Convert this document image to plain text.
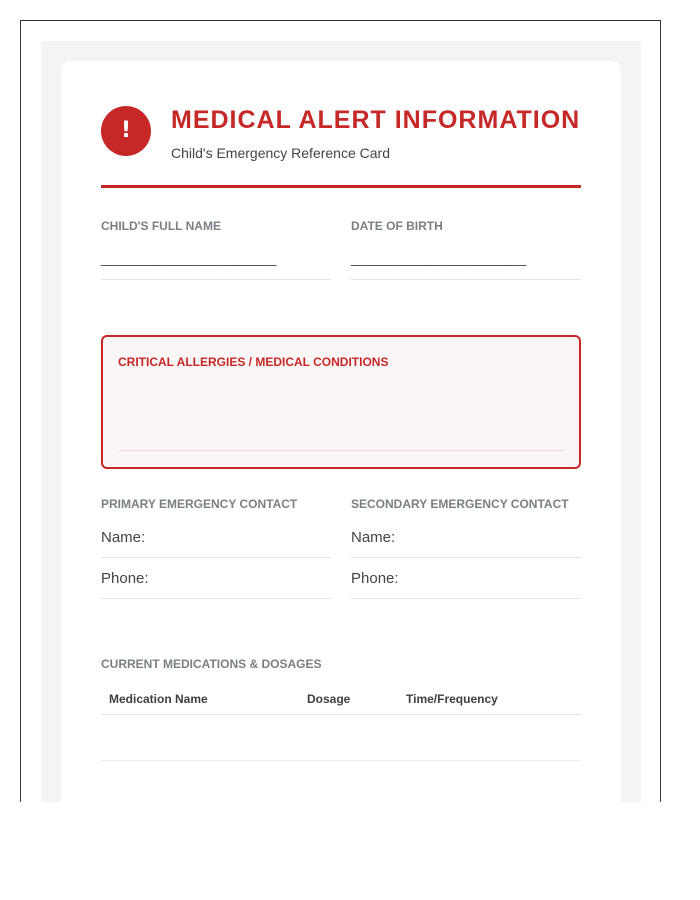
!	MEDICAL ALERT INFORMATION
Child's Emergency Reference Card
CHILD'S FULL NAME
________________________
DATE OF BIRTH
________________________
CRITICAL ALLERGIES / MEDICAL CONDITIONS
PRIMARY EMERGENCY CONTACT
Name:
Phone:
SECONDARY EMERGENCY CONTACT
Name:
Phone:
CURRENT MEDICATIONS & DOSAGES
Medication Name	Dosage	Time/Frequency
